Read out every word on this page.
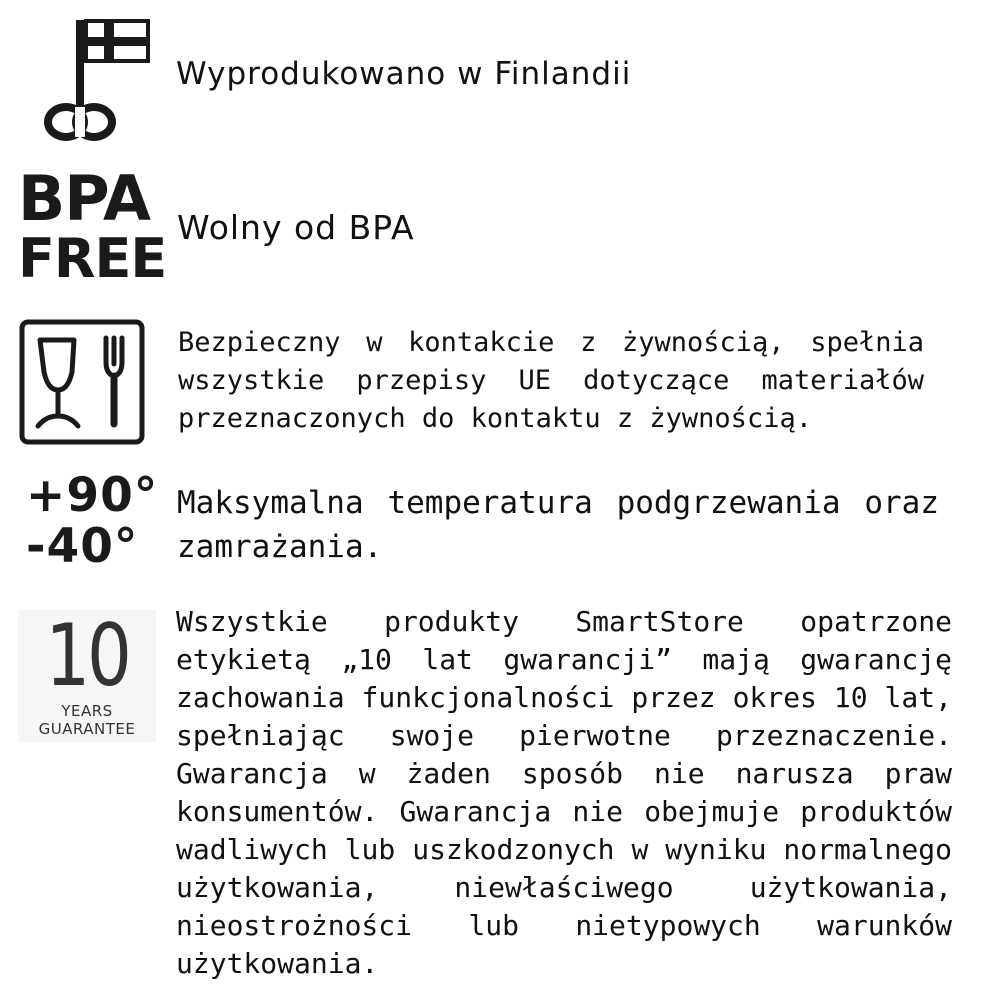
Wyprodukowano w Finlandii

BPA
FREE Wolny od BPA

Bezpieczny w kontakcie z żywnością, spełnia wszystkie przepisy UE dotyczące materiałów przeznaczonych do kontaktu z żywnością.

+90°
-40°

Maksymalna temperatura podgrzewania oraz zamrażania.

10
YEARS
GUARANTEE

Wszystkie produkty SmartStore opatrzone etykietą „10 lat gwarancji” mają gwarancję zachowania funkcjonalności przez okres 10 lat, spełniając swoje pierwotne przeznaczenie. Gwarancja w żaden sposób nie narusza praw konsumentów. Gwarancja nie obejmuje produktów wadliwych lub uszkodzonych w wyniku normalnego użytkowania, niewłaściwego użytkowania, nieostrożności lub nietypowych warunków użytkowania.
